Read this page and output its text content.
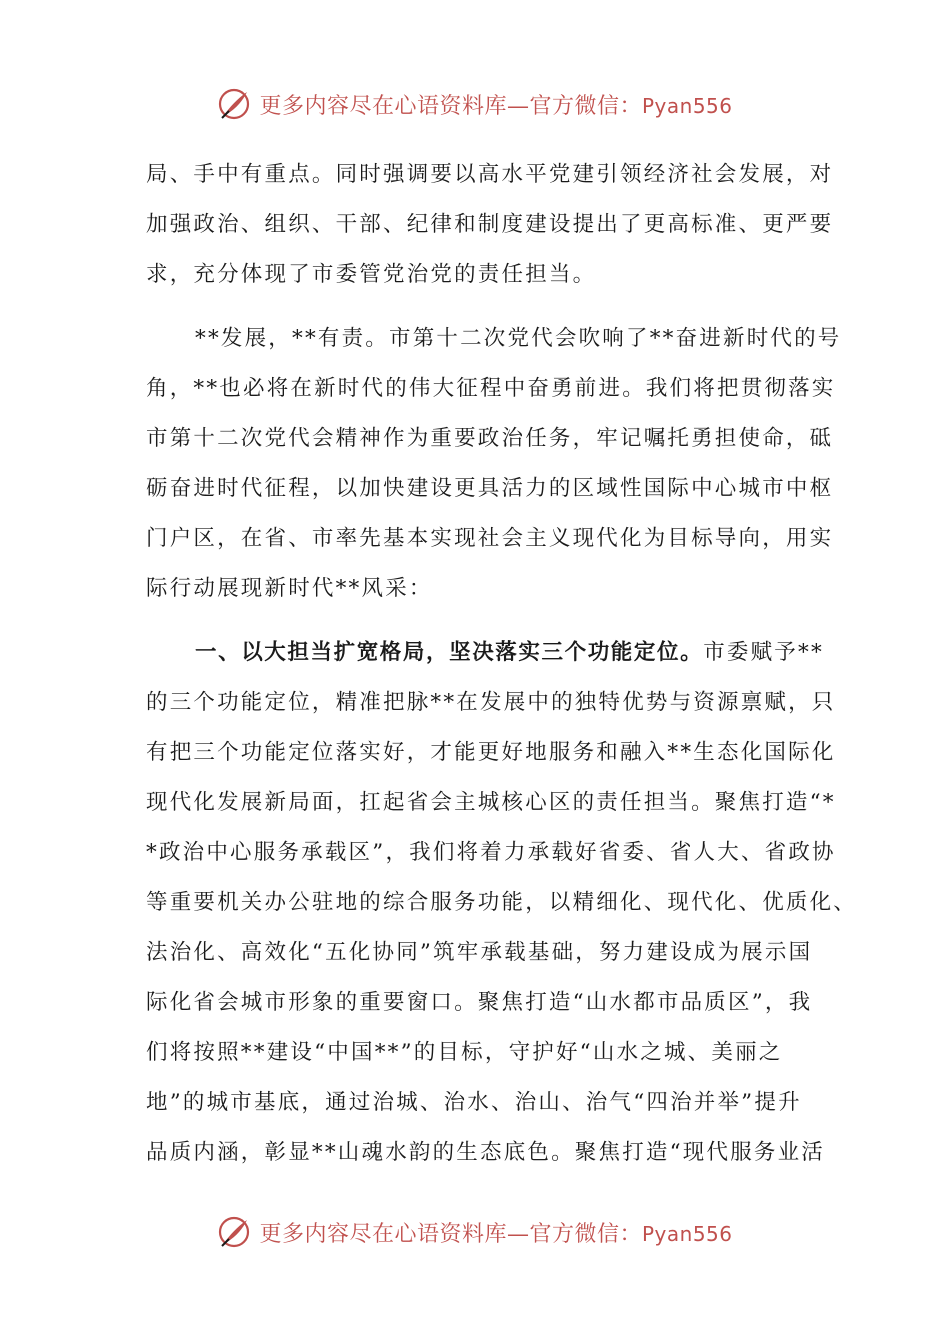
更多内容尽在心语资料库—官方微信：Pyan556
局、手中有重点。同时强调要以高水平党建引领经济社会发展，对
加强政治、组织、干部、纪律和制度建设提出了更高标准、更严要
求，充分体现了市委管党治党的责任担当。
**发展，**有责。市第十二次党代会吹响了**奋进新时代的号
角，**也必将在新时代的伟大征程中奋勇前进。我们将把贯彻落实
市第十二次党代会精神作为重要政治任务，牢记嘱托勇担使命，砥
砺奋进时代征程，以加快建设更具活力的区域性国际中心城市中枢
门户区，在省、市率先基本实现社会主义现代化为目标导向，用实
际行动展现新时代**风采：
一、以大担当扩宽格局，坚决落实三个功能定位。市委赋予**
的三个功能定位，精准把脉**在发展中的独特优势与资源禀赋，只
有把三个功能定位落实好，才能更好地服务和融入**生态化国际化
现代化发展新局面，扛起省会主城核心区的责任担当。聚焦打造“*
*政治中心服务承载区”，我们将着力承载好省委、省人大、省政协
等重要机关办公驻地的综合服务功能，以精细化、现代化、优质化、
法治化、高效化“五化协同”筑牢承载基础，努力建设成为展示国
际化省会城市形象的重要窗口。聚焦打造“山水都市品质区”，我
们将按照**建设“中国**”的目标，守护好“山水之城、美丽之
地”的城市基底，通过治城、治水、治山、治气“四治并举”提升
品质内涵，彰显**山魂水韵的生态底色。聚焦打造“现代服务业活
更多内容尽在心语资料库—官方微信：Pyan556
